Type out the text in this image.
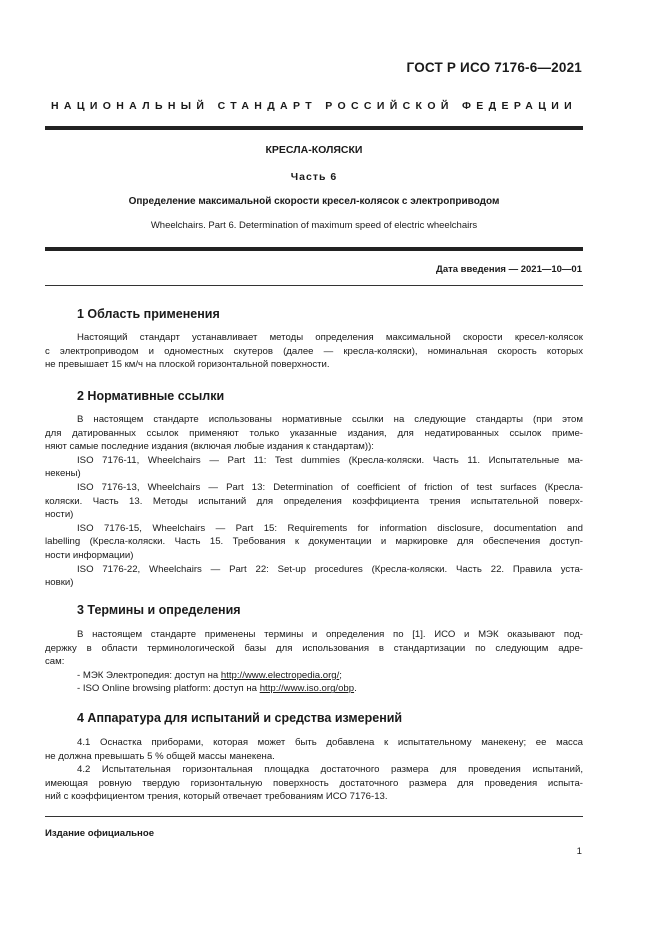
ГОСТ Р ИСО 7176-6—2021
НАЦИОНАЛЬНЫЙ СТАНДАРТ РОССИЙСКОЙ ФЕДЕРАЦИИ
КРЕСЛА-КОЛЯСКИ
Часть 6
Определение максимальной скорости кресел-колясок с электроприводом
Wheelchairs. Part 6. Determination of maximum speed of electric wheelchairs
Дата введения — 2021—10—01
1 Область применения
Настоящий стандарт устанавливает методы определения максимальной скорости кресел-колясок
с электроприводом и одноместных скутеров (далее — кресла-коляски), номинальная скорость которых
не превышает 15 км/ч на плоской горизонтальной поверхности.
2 Нормативные ссылки
В настоящем стандарте использованы нормативные ссылки на следующие стандарты (при этом
для датированных ссылок применяют только указанные издания, для недатированных ссылок приме-
няют самые последние издания (включая любые издания к стандартам)):
ISO 7176-11, Wheelchairs — Part 11: Test dummies (Кресла-коляски. Часть 11. Испытательные ма-
некены)
ISO 7176-13, Wheelchairs — Part 13: Determination of coefficient of friction of test surfaces (Кресла-
коляски. Часть 13. Методы испытаний для определения коэффициента трения испытательной поверх-
ности)
ISO 7176-15, Wheelchairs — Part 15: Requirements for information disclosure, documentation and
labelling (Кресла-коляски. Часть 15. Требования к документации и маркировке для обеспечения доступ-
ности информации)
ISO 7176-22, Wheelchairs — Part 22: Set-up procedures (Кресла-коляски. Часть 22. Правила уста-
новки)
3 Термины и определения
В настоящем стандарте применены термины и определения по [1]. ИСО и МЭК оказывают под-
держку в области терминологической базы для использования в стандартизации по следующим адре-
сам:
- МЭК Электропедия: доступ на http://www.electropedia.org/;
- ISO Online browsing platform: доступ на http://www.iso.org/obp.
4 Аппаратура для испытаний и средства измерений
4.1 Оснастка приборами, которая может быть добавлена к испытательному манекену; ее масса
не должна превышать 5 % общей массы манекена.
4.2 Испытательная горизонтальная площадка достаточного размера для проведения испытаний,
имеющая ровную твердую горизонтальную поверхность достаточного размера для проведения испыта-
ний с коэффициентом трения, который отвечает требованиям ИСО 7176-13.
Издание официальное
1
